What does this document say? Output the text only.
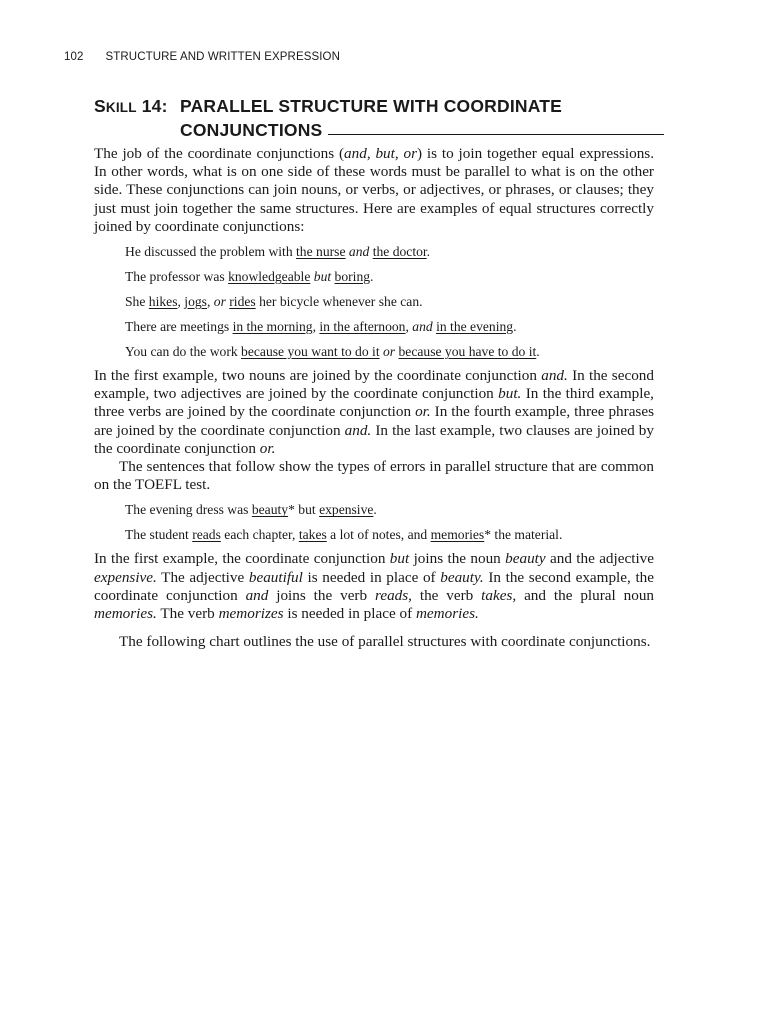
102 STRUCTURE AND WRITTEN EXPRESSION
SKILL 14: PARALLEL STRUCTURE WITH COORDINATE
CONJUNCTIONS

The job of the coordinate conjunctions (and, but, or) is to join together equal expressions. In other words, what is on one side of these words must be parallel to what is on the other side. These conjunctions can join nouns, or verbs, or adjectives, or phrases, or clauses; they just must join together the same structures. Here are examples of equal structures correctly joined by coordinate conjunctions:

He discussed the problem with the nurse and the doctor.

The professor was knowledgeable but boring.

She hikes, jogs, or rides her bicycle whenever she can.

There are meetings in the morning, in the afternoon, and in the evening.

You can do the work because you want to do it or because you have to do it.

In the first example, two nouns are joined by the coordinate conjunction and. In the second example, two adjectives are joined by the coordinate conjunction but. In the third example, three verbs are joined by the coordinate conjunction or. In the fourth example, three phrases are joined by the coordinate conjunction and. In the last example, two clauses are joined by the coordinate conjunction or.

The sentences that follow show the types of errors in parallel structure that are common on the TOEFL test.

The evening dress was beauty* but expensive.

The student reads each chapter, takes a lot of notes, and memories* the material.

In the first example, the coordinate conjunction but joins the noun beauty and the adjective expensive. The adjective beautiful is needed in place of beauty. In the second example, the coordinate conjunction and joins the verb reads, the verb takes, and the plural noun memories. The verb memorizes is needed in place of memories.

The following chart outlines the use of parallel structures with coordinate conjunctions.
